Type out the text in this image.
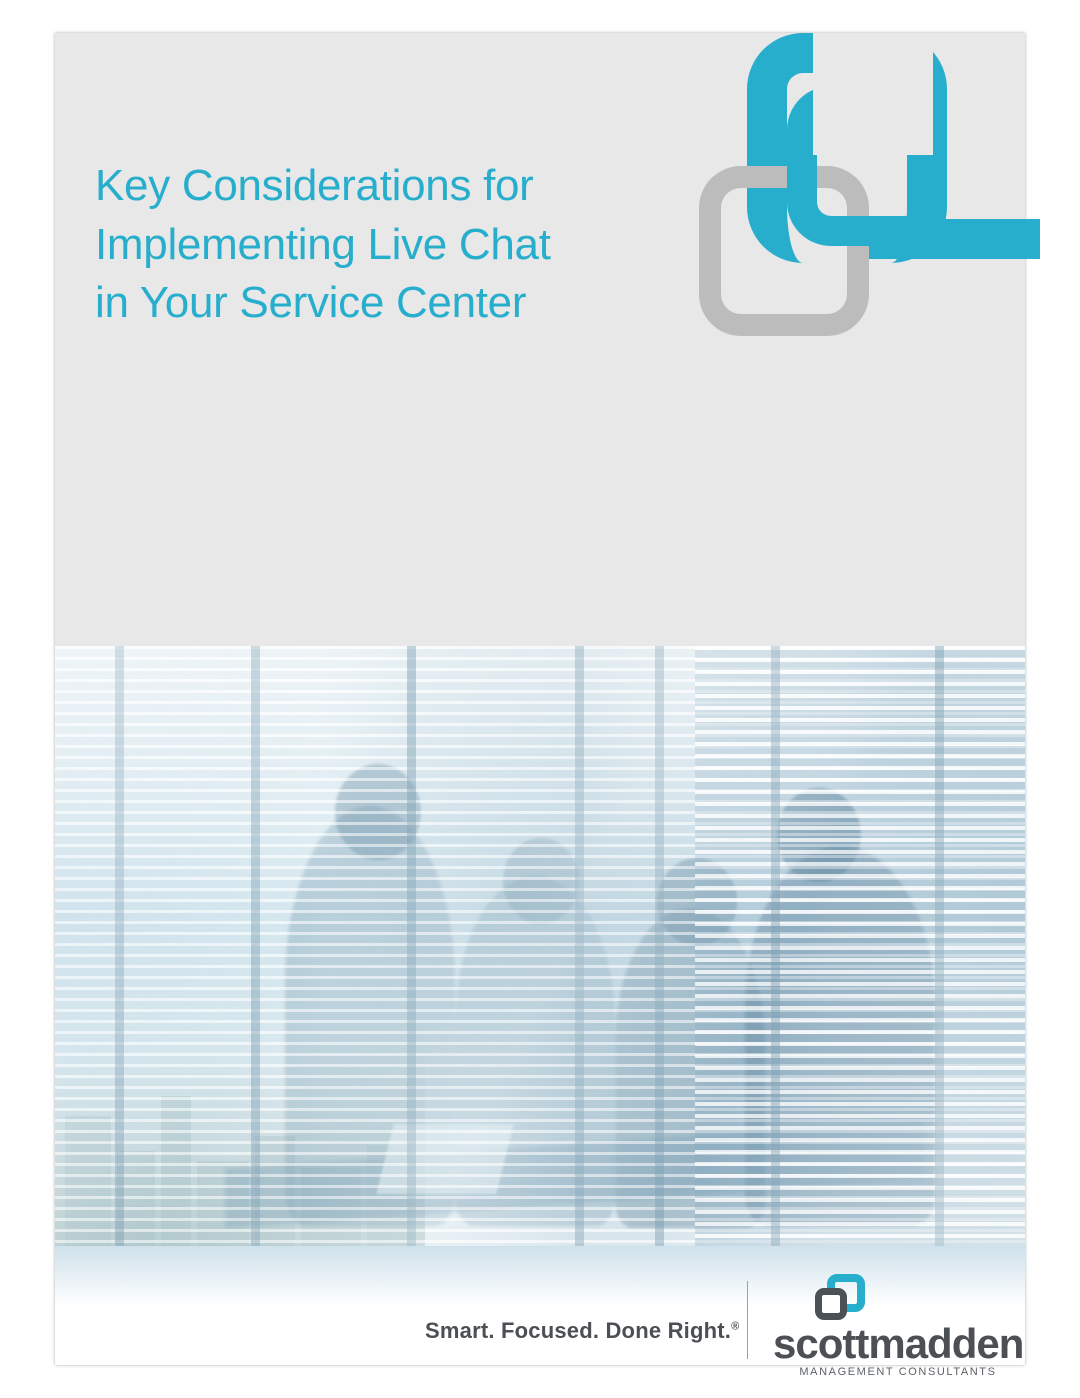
Key Considerations for
Implementing Live Chat
in Your Service Center
Smart. Focused. Done Right.® scottmadden
MANAGEMENT CONSULTANTS
